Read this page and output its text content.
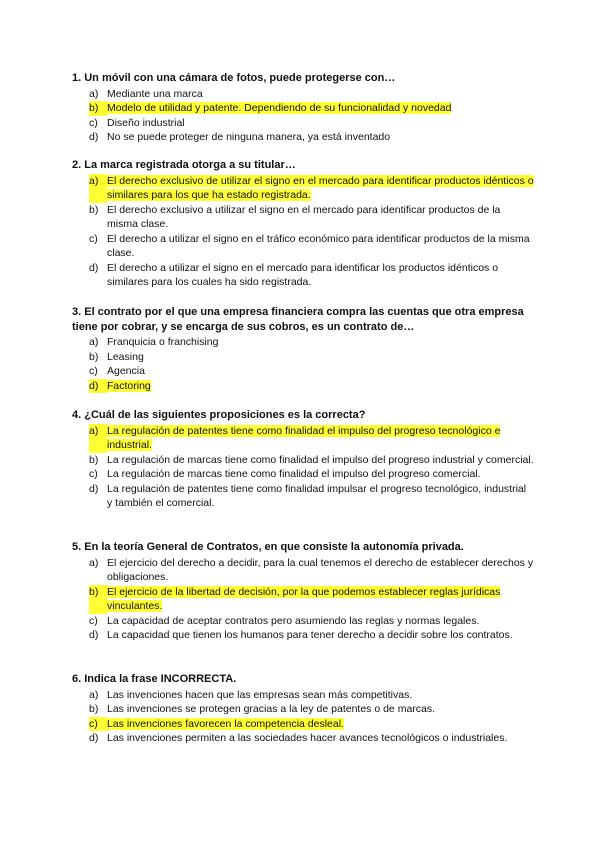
1. Un móvil con una cámara de fotos, puede protegerse con…
a) Mediante una marca
b) Modelo de utilidad y patente. Dependiendo de su funcionalidad y novedad
c) Diseño industrial
d) No se puede proteger de ninguna manera, ya está inventado
2. La marca registrada otorga a su titular…
a) El derecho exclusivo de utilizar el signo en el mercado para identificar productos idénticos o similares para los que ha estado registrada.
b) El derecho exclusivo a utilizar el signo en el mercado para identificar productos de la misma clase.
c) El derecho a utilizar el signo en el tráfico económico para identificar productos de la misma clase.
d) El derecho a utilizar el signo en el mercado para identificar los productos idénticos o similares para los cuales ha sido registrada.
3. El contrato por el que una empresa financiera compra las cuentas que otra empresa tiene por cobrar, y se encarga de sus cobros, es un contrato de…
a) Franquicia o franchising
b) Leasing
c) Agencia
d) Factoring
4. ¿Cuál de las siguientes proposiciones es la correcta?
a) La regulación de patentes tiene como finalidad el impulso del progreso tecnológico e industrial.
b) La regulación de marcas tiene como finalidad el impulso del progreso industrial y comercial.
c) La regulación de marcas tiene como finalidad el impulso del progreso comercial.
d) La regulación de patentes tiene como finalidad impulsar el progreso tecnológico, industrial y también el comercial.
5. En la teoría General de Contratos, en que consiste la autonomía privada.
a) El ejercicio del derecho a decidir, para la cual tenemos el derecho de establecer derechos y obligaciones.
b) El ejercicio de la libertad de decisión, por la que podemos establecer reglas jurídicas vinculantes.
c) La capacidad de aceptar contratos pero asumiendo las reglas y normas legales.
d) La capacidad que tienen los humanos para tener derecho a decidir sobre los contratos.
6. Indica la frase INCORRECTA.
a) Las invenciones hacen que las empresas sean más competitivas.
b) Las invenciones se protegen gracias a la ley de patentes o de marcas.
c) Las invenciones favorecen la competencia desleal.
d) Las invenciones permiten a las sociedades hacer avances tecnológicos o industriales.
